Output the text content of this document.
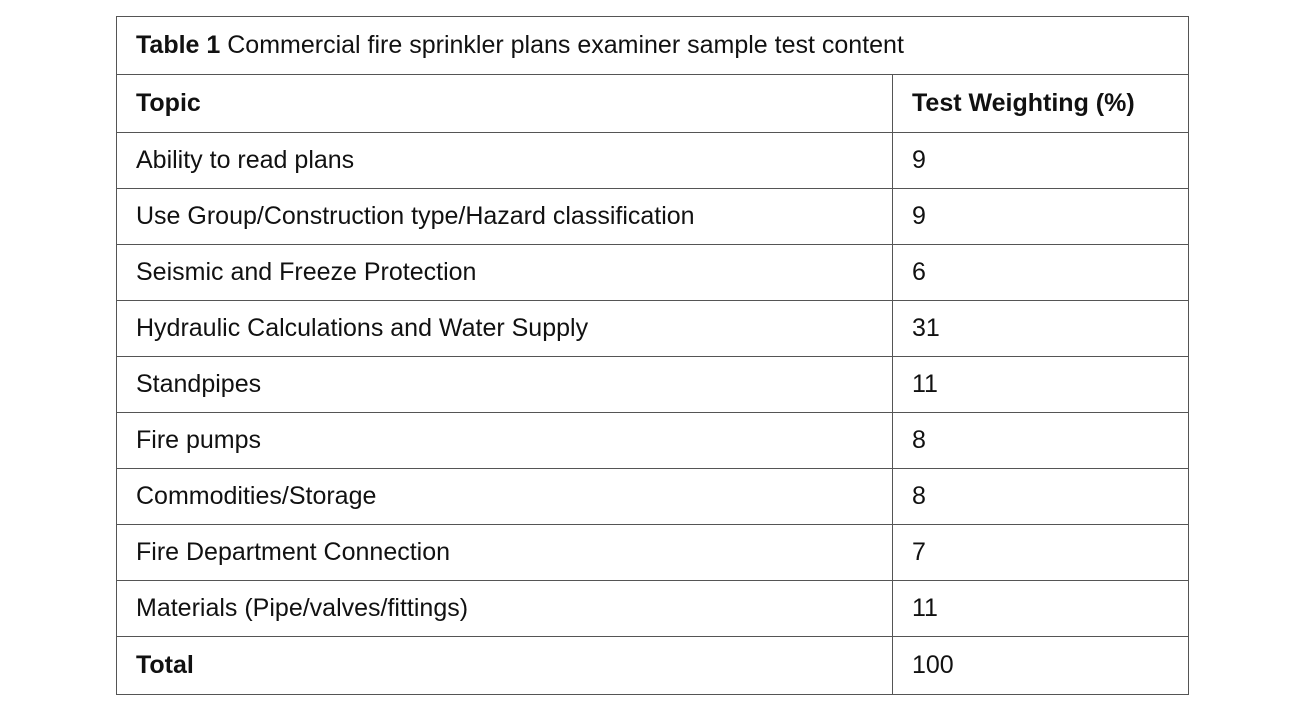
Table 1 Commercial fire sprinkler plans examiner sample test content	
Topic	Test Weighting (%)
Ability to read plans	9
Use Group/Construction type/Hazard classification	9
Seismic and Freeze Protection	6
Hydraulic Calculations and Water Supply	31
Standpipes	11
Fire pumps	8
Commodities/Storage	8
Fire Department Connection	7
Materials (Pipe/valves/fittings)	11
Total	100
